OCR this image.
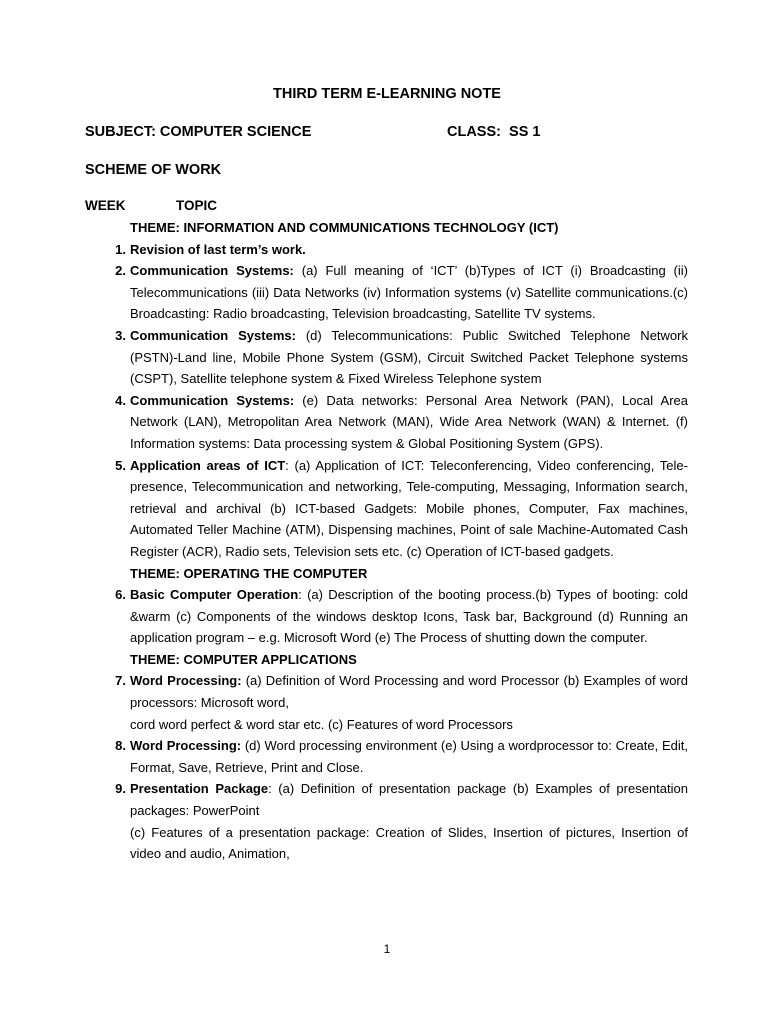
THIRD TERM E-LEARNING NOTE
SUBJECT: COMPUTER SCIENCE	CLASS:  SS 1
SCHEME OF WORK
WEEK	TOPIC
THEME: INFORMATION AND COMMUNICATIONS TECHNOLOGY (ICT)
1. Revision of last term’s work.
2. Communication Systems: (a) Full meaning of ‘ICT’ (b)Types of ICT (i) Broadcasting (ii) Telecommunications (iii) Data Networks (iv) Information systems (v) Satellite communications.(c) Broadcasting: Radio broadcasting, Television broadcasting, Satellite TV systems.
3. Communication Systems: (d) Telecommunications: Public Switched Telephone Network (PSTN)-Land line, Mobile Phone System (GSM), Circuit Switched Packet Telephone systems (CSPT), Satellite telephone system & Fixed Wireless Telephone system
4. Communication Systems: (e) Data networks: Personal Area Network (PAN), Local Area Network (LAN), Metropolitan Area Network (MAN), Wide Area Network (WAN) & Internet. (f) Information systems: Data processing system & Global Positioning System (GPS).
5. Application areas of ICT: (a) Application of ICT: Teleconferencing, Video conferencing, Tele-presence, Telecommunication and networking, Tele-computing, Messaging, Information search, retrieval and archival (b) ICT-based Gadgets: Mobile phones, Computer, Fax machines, Automated Teller Machine (ATM), Dispensing machines, Point of sale Machine-Automated Cash Register (ACR), Radio sets, Television sets etc. (c) Operation of ICT-based gadgets.
THEME: OPERATING THE COMPUTER
6. Basic Computer Operation: (a) Description of the booting process.(b) Types of booting: cold &warm (c) Components of the windows desktop Icons, Task bar, Background (d) Running an application program – e.g. Microsoft Word (e) The Process of shutting down the computer.
THEME: COMPUTER APPLICATIONS
7. Word Processing: (a) Definition of Word Processing and word Processor (b) Examples of word processors: Microsoft word,
cord word perfect & word star etc. (c) Features of word Processors
8. Word Processing: (d) Word processing environment (e) Using a wordprocessor to: Create, Edit, Format, Save, Retrieve, Print and Close.
9. Presentation Package: (a) Definition of presentation package (b) Examples of presentation packages: PowerPoint
(c) Features of a presentation package: Creation of Slides, Insertion of pictures, Insertion of video and audio, Animation,
1
